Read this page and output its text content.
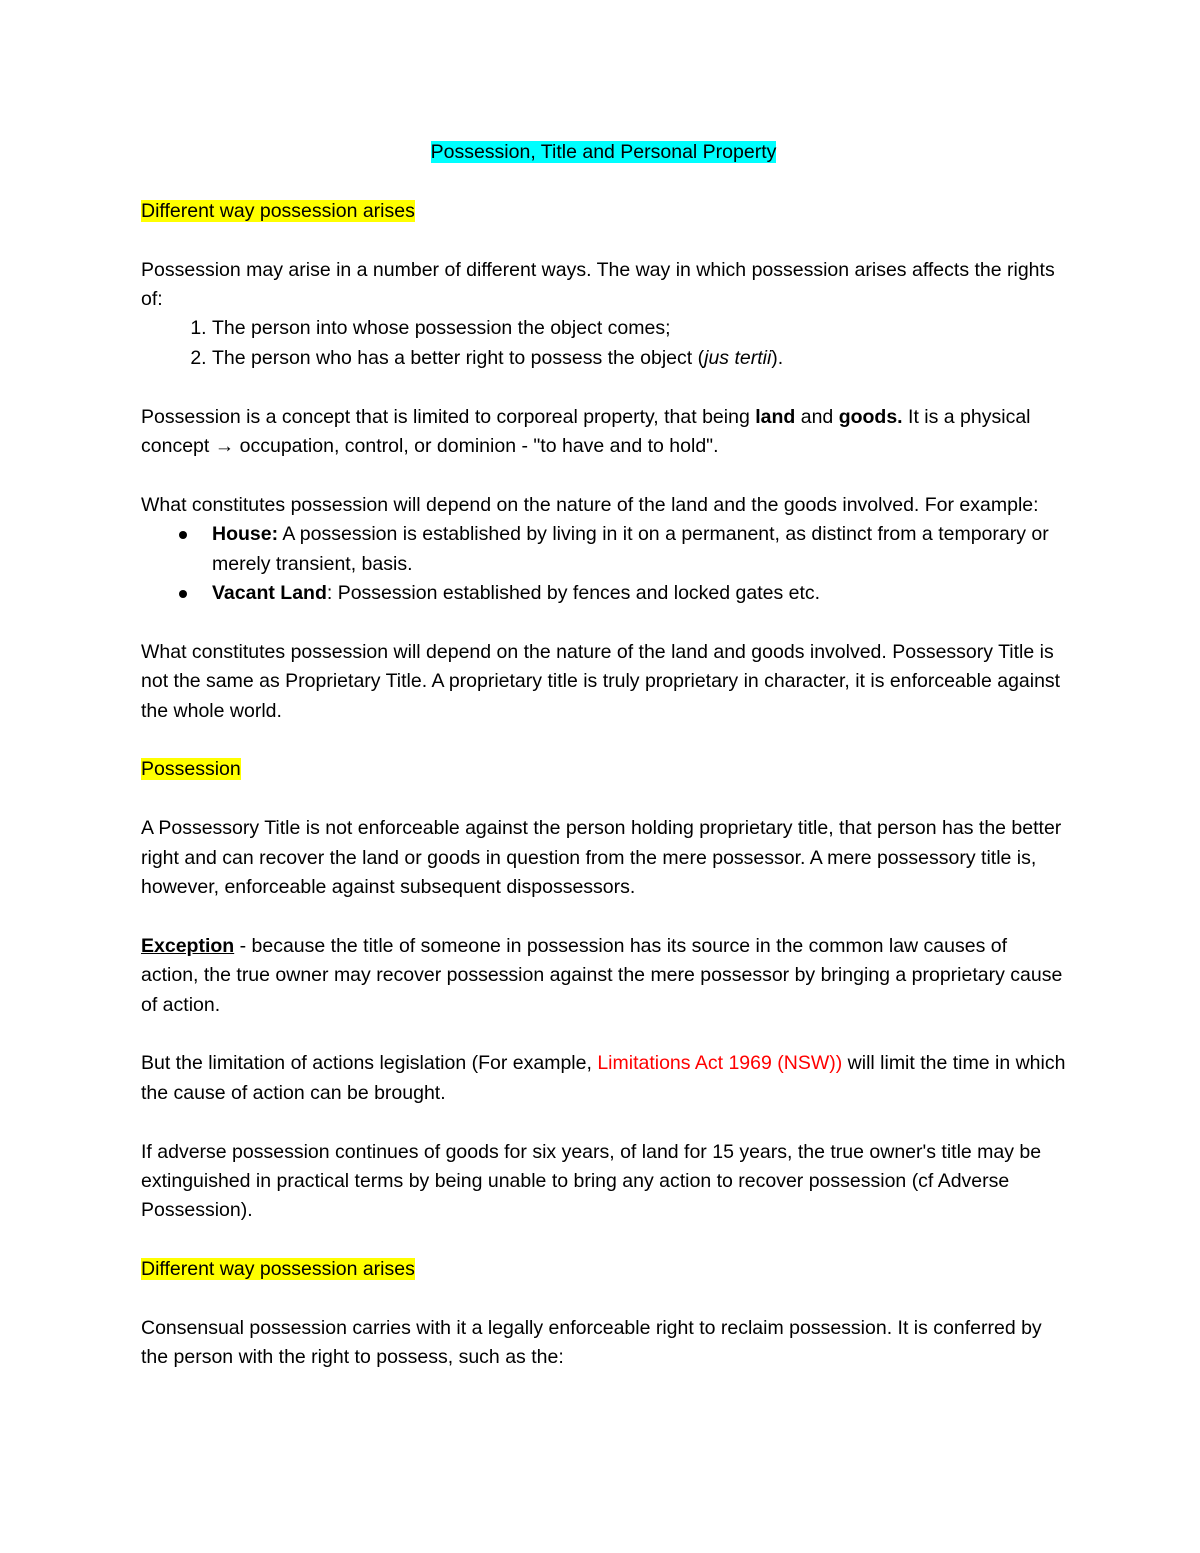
Possession, Title and Personal Property

Different way possession arises

Possession may arise in a number of different ways. The way in which possession arises affects the rights of:

1. The person into whose possession the object comes;
2. The person who has a better right to possess the object (jus tertii).

Possession is a concept that is limited to corporeal property, that being land and goods. It is a physical concept → occupation, control, or dominion - "to have and to hold".

What constitutes possession will depend on the nature of the land and the goods involved. For example:

House: A possession is established by living in it on a permanent, as distinct from a temporary or merely transient, basis.
Vacant Land: Possession established by fences and locked gates etc.

What constitutes possession will depend on the nature of the land and goods involved. Possessory Title is not the same as Proprietary Title. A proprietary title is truly proprietary in character, it is enforceable against the whole world.

Possession

A Possessory Title is not enforceable against the person holding proprietary title, that person has the better right and can recover the land or goods in question from the mere possessor. A mere possessory title is, however, enforceable against subsequent dispossessors.

Exception - because the title of someone in possession has its source in the common law causes of action, the true owner may recover possession against the mere possessor by bringing a proprietary cause of action.

But the limitation of actions legislation (For example, Limitations Act 1969 (NSW)) will limit the time in which the cause of action can be brought.

If adverse possession continues of goods for six years, of land for 15 years, the true owner's title may be extinguished in practical terms by being unable to bring any action to recover possession (cf Adverse Possession).

Different way possession arises

Consensual possession carries with it a legally enforceable right to reclaim possession. It is conferred by the person with the right to possess, such as the:
